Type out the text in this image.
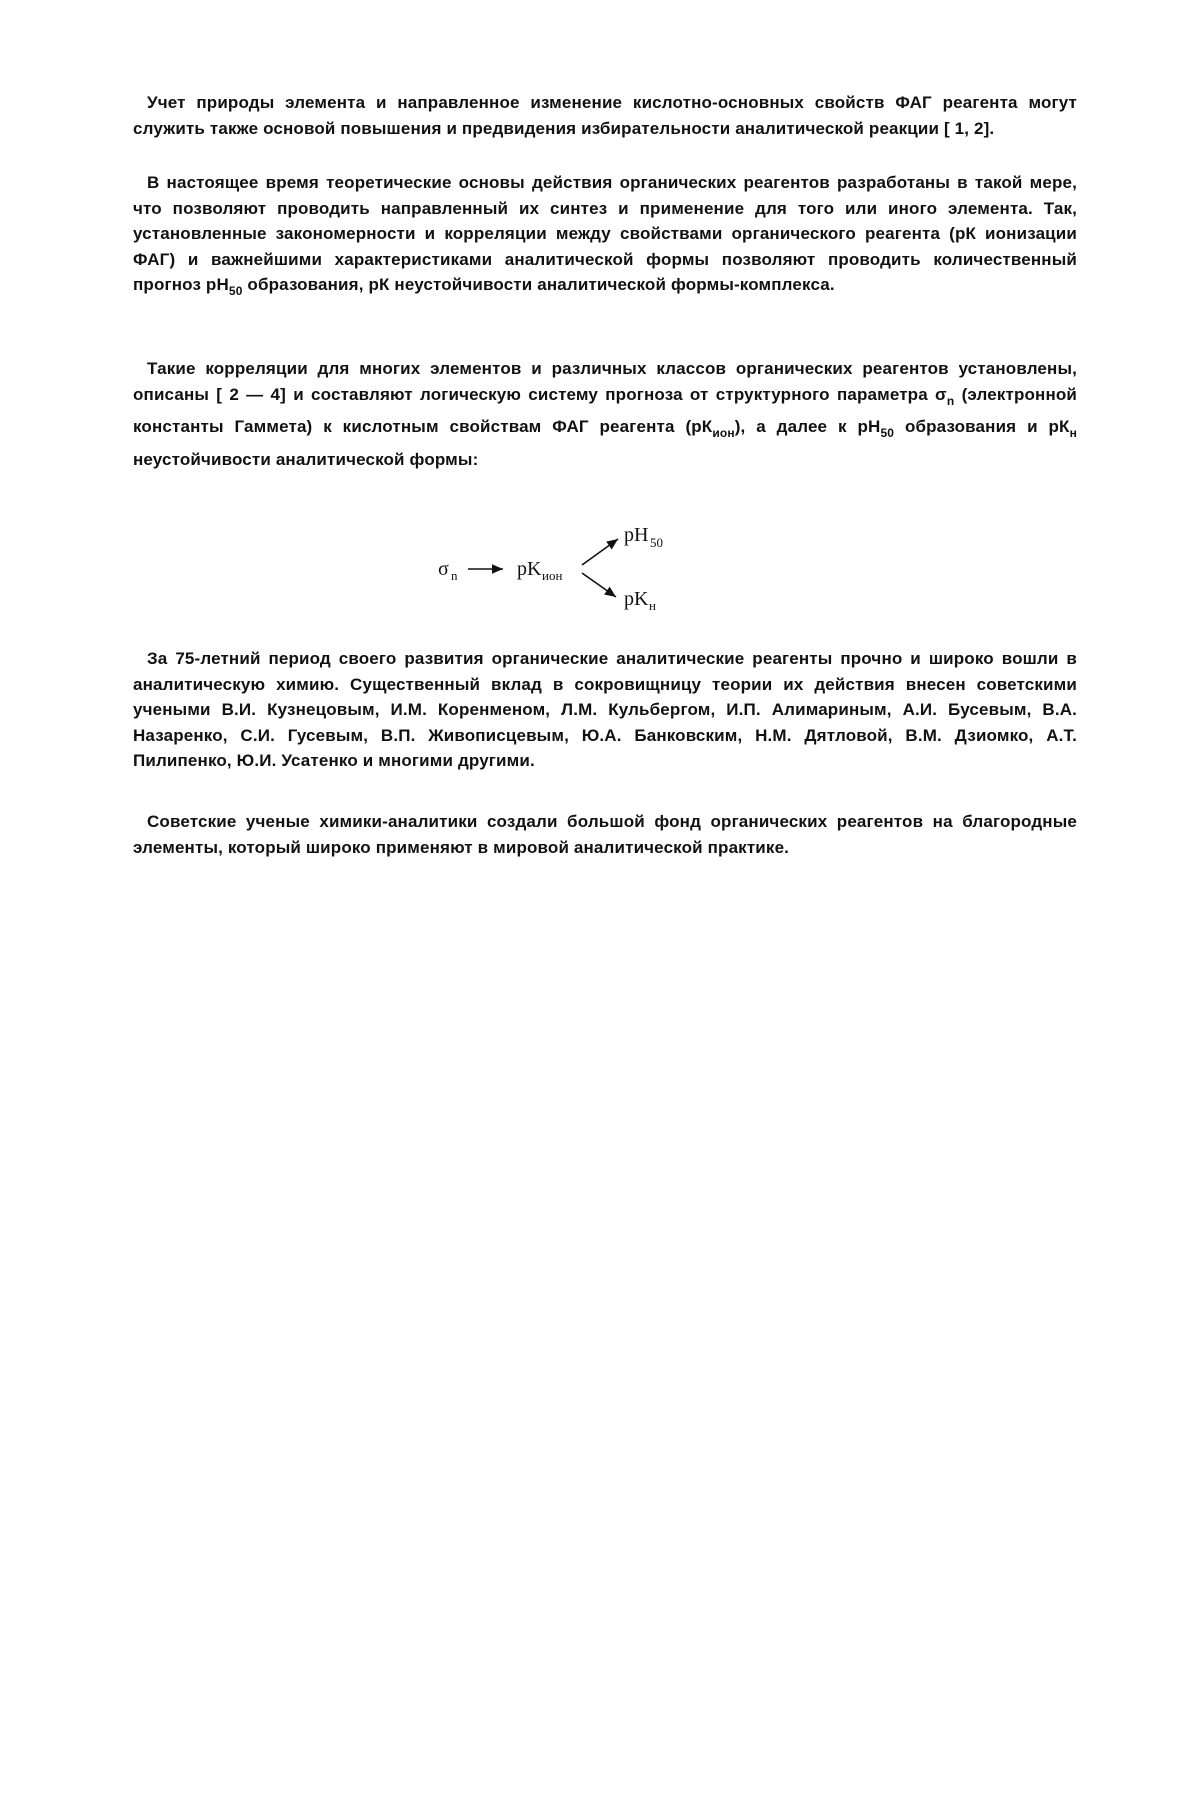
Учет природы элемента и направленное изменение кислотно-основных свойств ФАГ реагента могут служить также основой повышения и предвидения избирательности аналитической реакции [ 1, 2].

В настоящее время теоретические основы действия органических реагентов разработаны в такой мере, что позволяют проводить направленный их синтез и применение для того или иного элемента. Так, установленные закономерности и корреляции между свойствами органического реагента (рК ионизации ФАГ) и важнейшими характеристиками аналитической формы позволяют проводить количественный прогноз $pH_{50}$ образования, рК неустойчивости аналитической формы-комплекса.

Такие корреляции для многих элементов и различных классов органических реагентов установлены, описаны [ 2 — 4] и составляют логическую систему прогноза от структурного параметра $\sigma_n$ (электронной константы Гаммета) к кислотным свойствам ФАГ реагента $(рК_{ион})$, а далее к $pH_{50}$ образования и $рК_н$ неустойчивости аналитической формы:

σ n	pK ион
pH 50
pK н

За 75-летний период своего развития органические аналитические реагенты прочно и широко вошли в аналитическую химию. Существенный вклад в сокровищницу теории их действия внесен советскими учеными В.И. Кузнецовым, И.М. Коренменом, Л.М. Кульбергом, И.П. Алимариным, А.И. Бусевым, В.А. Назаренко, С.И. Гусевым, В.П. Живописцевым, Ю.А. Банковским, Н.М. Дятловой, В.М. Дзиомко, А.Т. Пилипенко, Ю.И. Усатенко и многими другими.

Советские ученые химики-аналитики создали большой фонд органических реагентов на благородные элементы, который широко применяют в мировой аналитической практике.
